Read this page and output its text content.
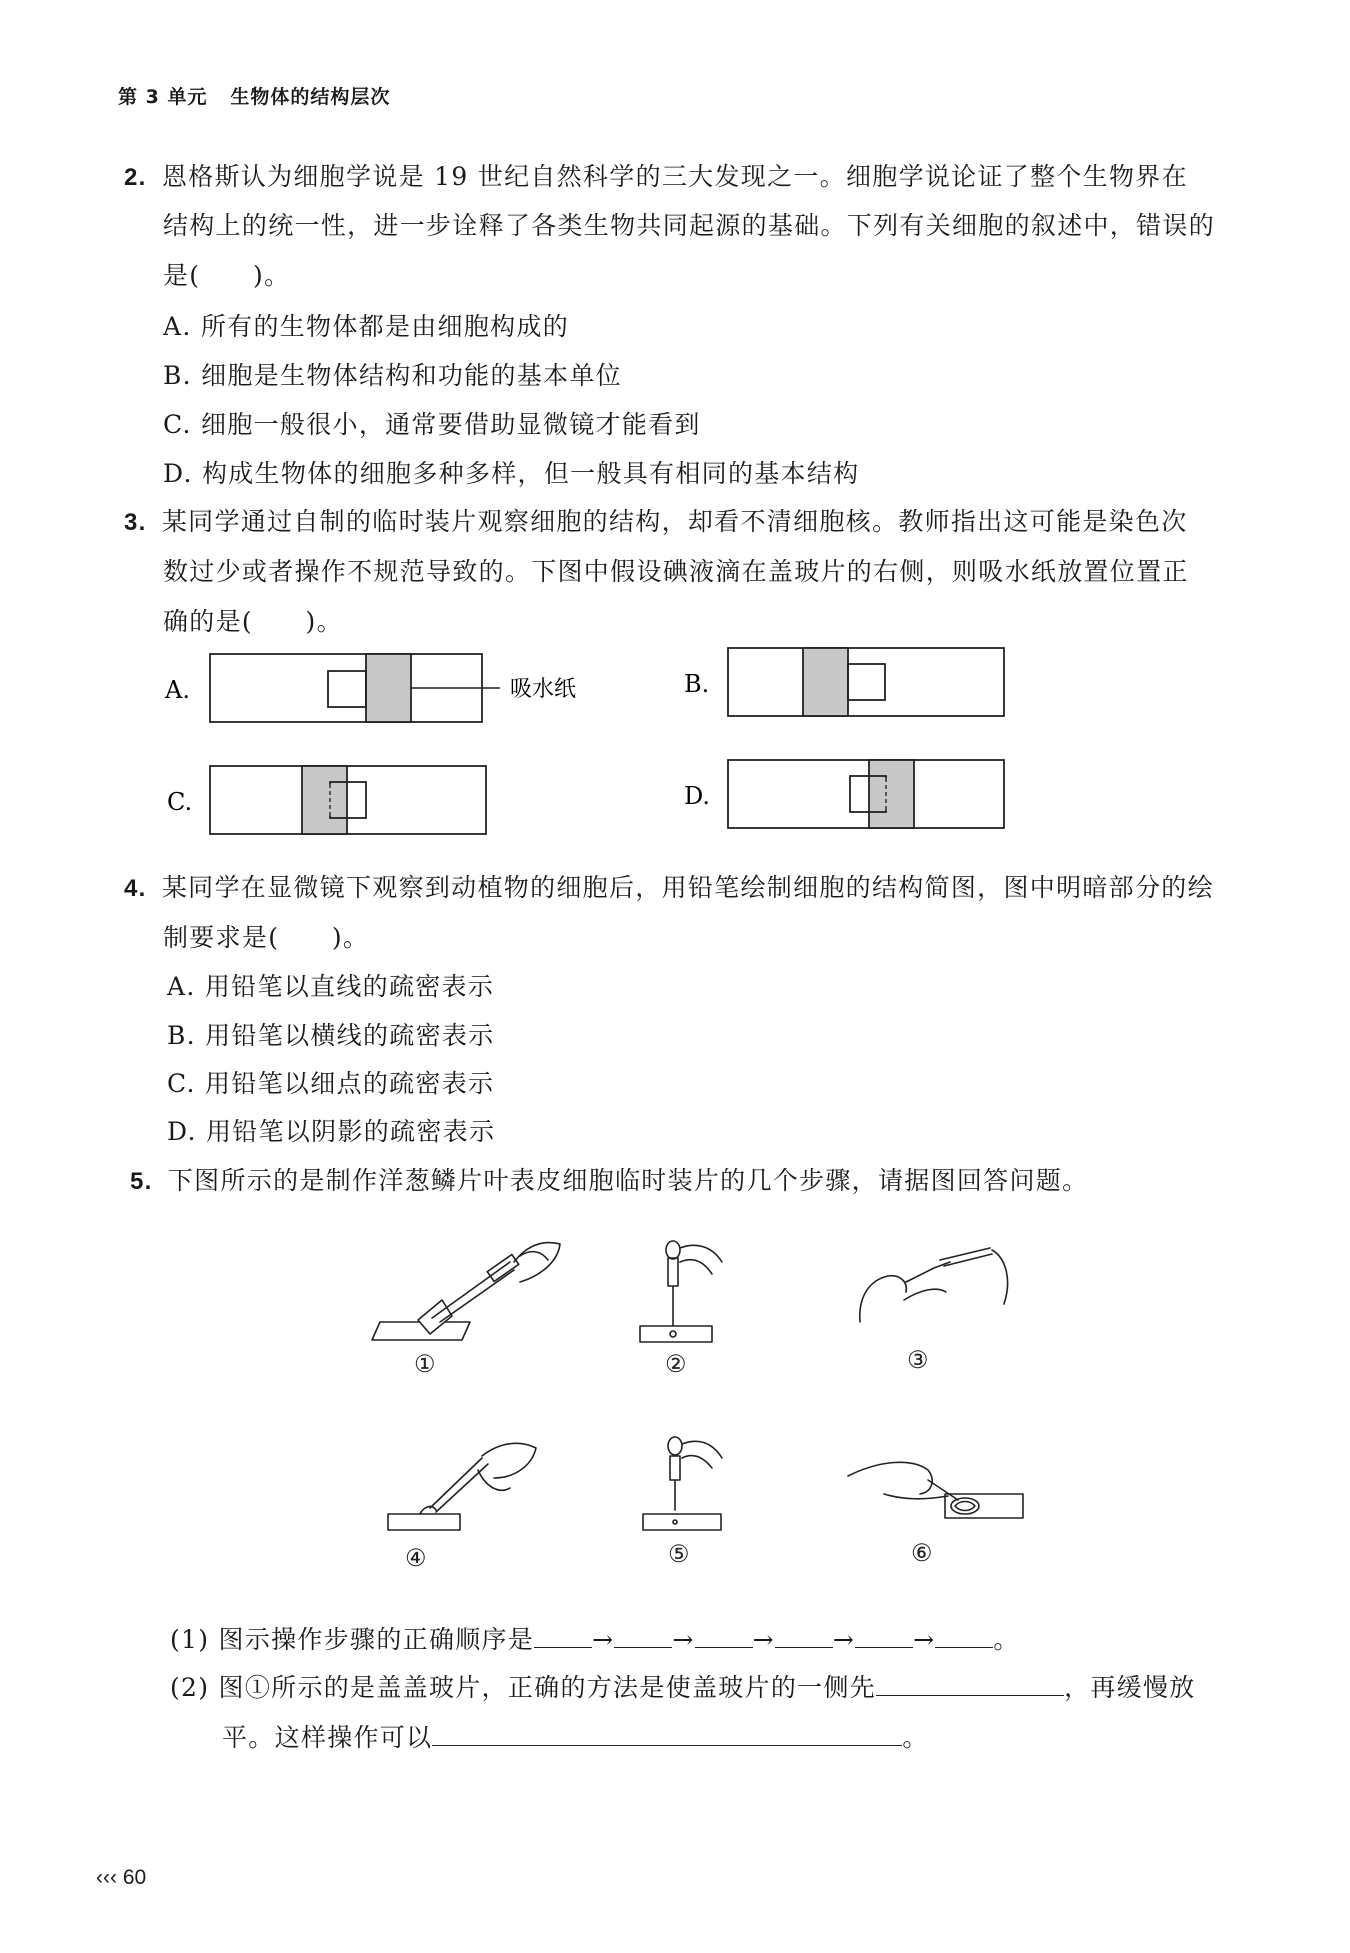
第 3 单元 生物体的结构层次
2. 恩格斯认为细胞学说是 19 世纪自然科学的三大发现之一。细胞学说论证了整个生物界在
结构上的统一性，进一步诠释了各类生物共同起源的基础。下列有关细胞的叙述中，错误的
是(　　)。
A. 所有的生物体都是由细胞构成的
B. 细胞是生物体结构和功能的基本单位
C. 细胞一般很小，通常要借助显微镜才能看到
D. 构成生物体的细胞多种多样，但一般具有相同的基本结构
3. 某同学通过自制的临时装片观察细胞的结构，却看不清细胞核。教师指出这可能是染色次
数过少或者操作不规范导致的。下图中假设碘液滴在盖玻片的右侧，则吸水纸放置位置正
确的是(　　)。
A.	吸水纸	B.
C.	D.
4. 某同学在显微镜下观察到动植物的细胞后，用铅笔绘制细胞的结构简图，图中明暗部分的绘
制要求是(　　)。
A. 用铅笔以直线的疏密表示
B. 用铅笔以横线的疏密表示
C. 用铅笔以细点的疏密表示
D. 用铅笔以阴影的疏密表示
5. 下图所示的是制作洋葱鳞片叶表皮细胞临时装片的几个步骤，请据图回答问题。
①	②	③
④	⑤	⑥
(1) 图示操作步骤的正确顺序是 → → → → → 。
(2) 图①所示的是盖盖玻片，正确的方法是使盖玻片的一侧先	，再缓慢放
平。这样操作可以	。
‹‹‹ 60
